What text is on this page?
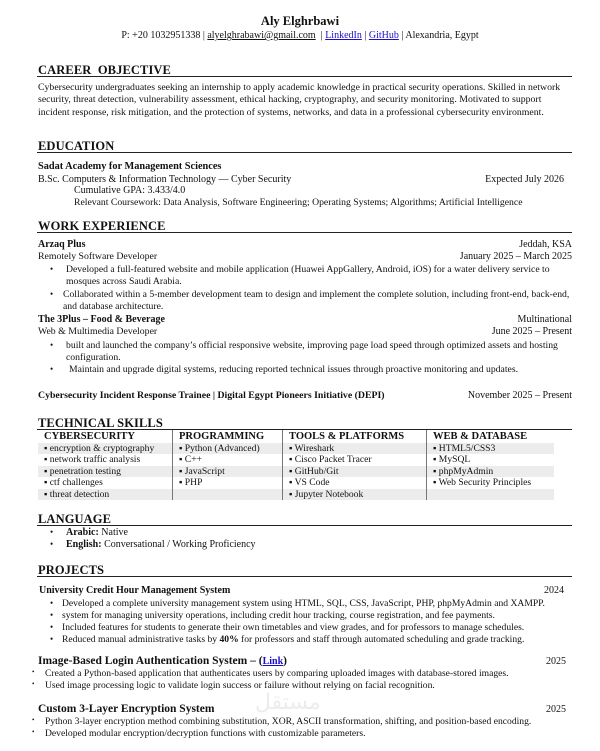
Aly Elghrbawi
P: +20 1032951338 | alyelghrabawi@gmail.com | LinkedIn | GitHub | Alexandria, Egypt
CAREER  OBJECTIVE
Cybersecurity undergraduates seeking an internship to apply academic knowledge in practical security operations. Skilled in network security, threat detection, vulnerability assessment, ethical hacking, cryptography, and security monitoring. Motivated to support incident response, risk mitigation, and the protection of systems, networks, and data in a professional cybersecurity environment.
EDUCATION
Sadat Academy for Management Sciences
B.Sc. Computers & Information Technology — Cyber Security	Expected July 2026
Cumulative GPA: 3.433/4.0
Relevant Coursework: Data Analysis, Software Engineering; Operating Systems; Algorithms; Artificial Intelligence
WORK EXPERIENCE
Arzaq Plus	Jeddah, KSA
Remotely Software Developer	January 2025 – March 2025
• Developed a full-featured website and mobile application (Huawei AppGallery, Android, iOS) for a water delivery service to mosques across Saudi Arabia.
• Collaborated within a 5-member development team to design and implement the complete solution, including front-end, back-end, and database architecture.
The 3Plus – Food & Beverage	Multinational
Web & Multimedia Developer	June 2025 – Present
• built and launched the company’s official responsive website, improving page load speed through optimized assets and hosting configuration.
• Maintain and upgrade digital systems, reducing reported technical issues through proactive monitoring and updates.
Cybersecurity Incident Response Trainee | Digital Egypt Pioneers Initiative (DEPI)	November 2025 – Present
TECHNICAL SKILLS
CYBERSECURITY	PROGRAMMING	TOOLS & PLATFORMS	WEB & DATABASE
▪ encryption & cryptography	▪ Python (Advanced)	▪ Wireshark	▪ HTML5/CSS3
▪ network traffic analysis	▪ C++	▪ Cisco Packet Tracer	▪ MySQL
▪ penetration testing	▪ JavaScript	▪ GitHub/Git	▪ phpMyAdmin
▪ ctf challenges	▪ PHP	▪ VS Code	▪ Web Security Principles
▪ threat detection		▪ Jupyter Notebook	
LANGUAGE
• Arabic: Native
• English: Conversational / Working Proficiency
PROJECTS
University Credit Hour Management System	2024
• Developed a complete university management system using HTML, SQL, CSS, JavaScript, PHP, phpMyAdmin and XAMPP.
• system for managing university operations, including credit hour tracking, course registration, and fee payments.
• Included features for students to generate their own timetables and view grades, and for professors to manage schedules.
• Reduced manual administrative tasks by 40% for professors and staff through automated scheduling and grade tracking.
Image-Based Login Authentication System – (Link)	2025
• Created a Python-based application that authenticates users by comparing uploaded images with database-stored images.
• Used image processing logic to validate login success or failure without relying on facial recognition.
Custom 3-Layer Encryption System	2025
• Python 3-layer encryption method combining substitution, XOR, ASCII transformation, shifting, and position-based encoding.
• Developed modular encryption/decryption functions with customizable parameters.
مستقل
